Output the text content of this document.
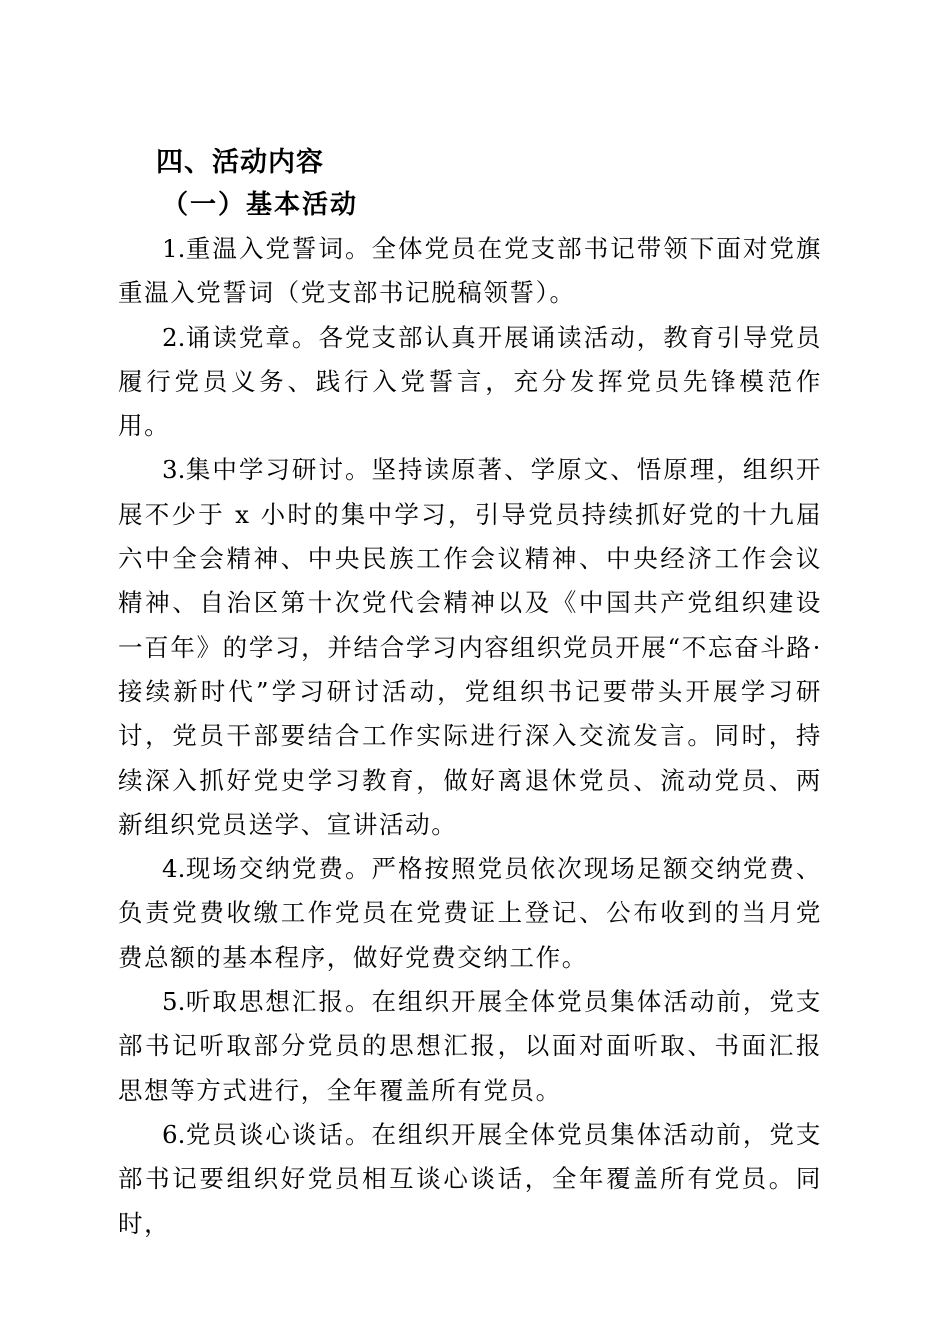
四、活动内容

（一）基本活动

1.重温入党誓词。全体党员在党支部书记带领下面对党旗重温入党誓词（党支部书记脱稿领誓）。

2.诵读党章。各党支部认真开展诵读活动，教育引导党员履行党员义务、践行入党誓言，充分发挥党员先锋模范作用。

3.集中学习研讨。坚持读原著、学原文、悟原理，组织开展不少于 x 小时的集中学习，引导党员持续抓好党的十九届六中全会精神、中央民族工作会议精神、中央经济工作会议精神、自治区第十次党代会精神以及《中国共产党组织建设一百年》的学习，并结合学习内容组织党员开展“不忘奋斗路·接续新时代”学习研讨活动，党组织书记要带头开展学习研讨，党员干部要结合工作实际进行深入交流发言。同时，持续深入抓好党史学习教育，做好离退休党员、流动党员、两新组织党员送学、宣讲活动。

4.现场交纳党费。严格按照党员依次现场足额交纳党费、负责党费收缴工作党员在党费证上登记、公布收到的当月党费总额的基本程序，做好党费交纳工作。

5.听取思想汇报。在组织开展全体党员集体活动前，党支部书记听取部分党员的思想汇报，以面对面听取、书面汇报思想等方式进行，全年覆盖所有党员。

6.党员谈心谈话。在组织开展全体党员集体活动前，党支部书记要组织好党员相互谈心谈话，全年覆盖所有党员。同时，
